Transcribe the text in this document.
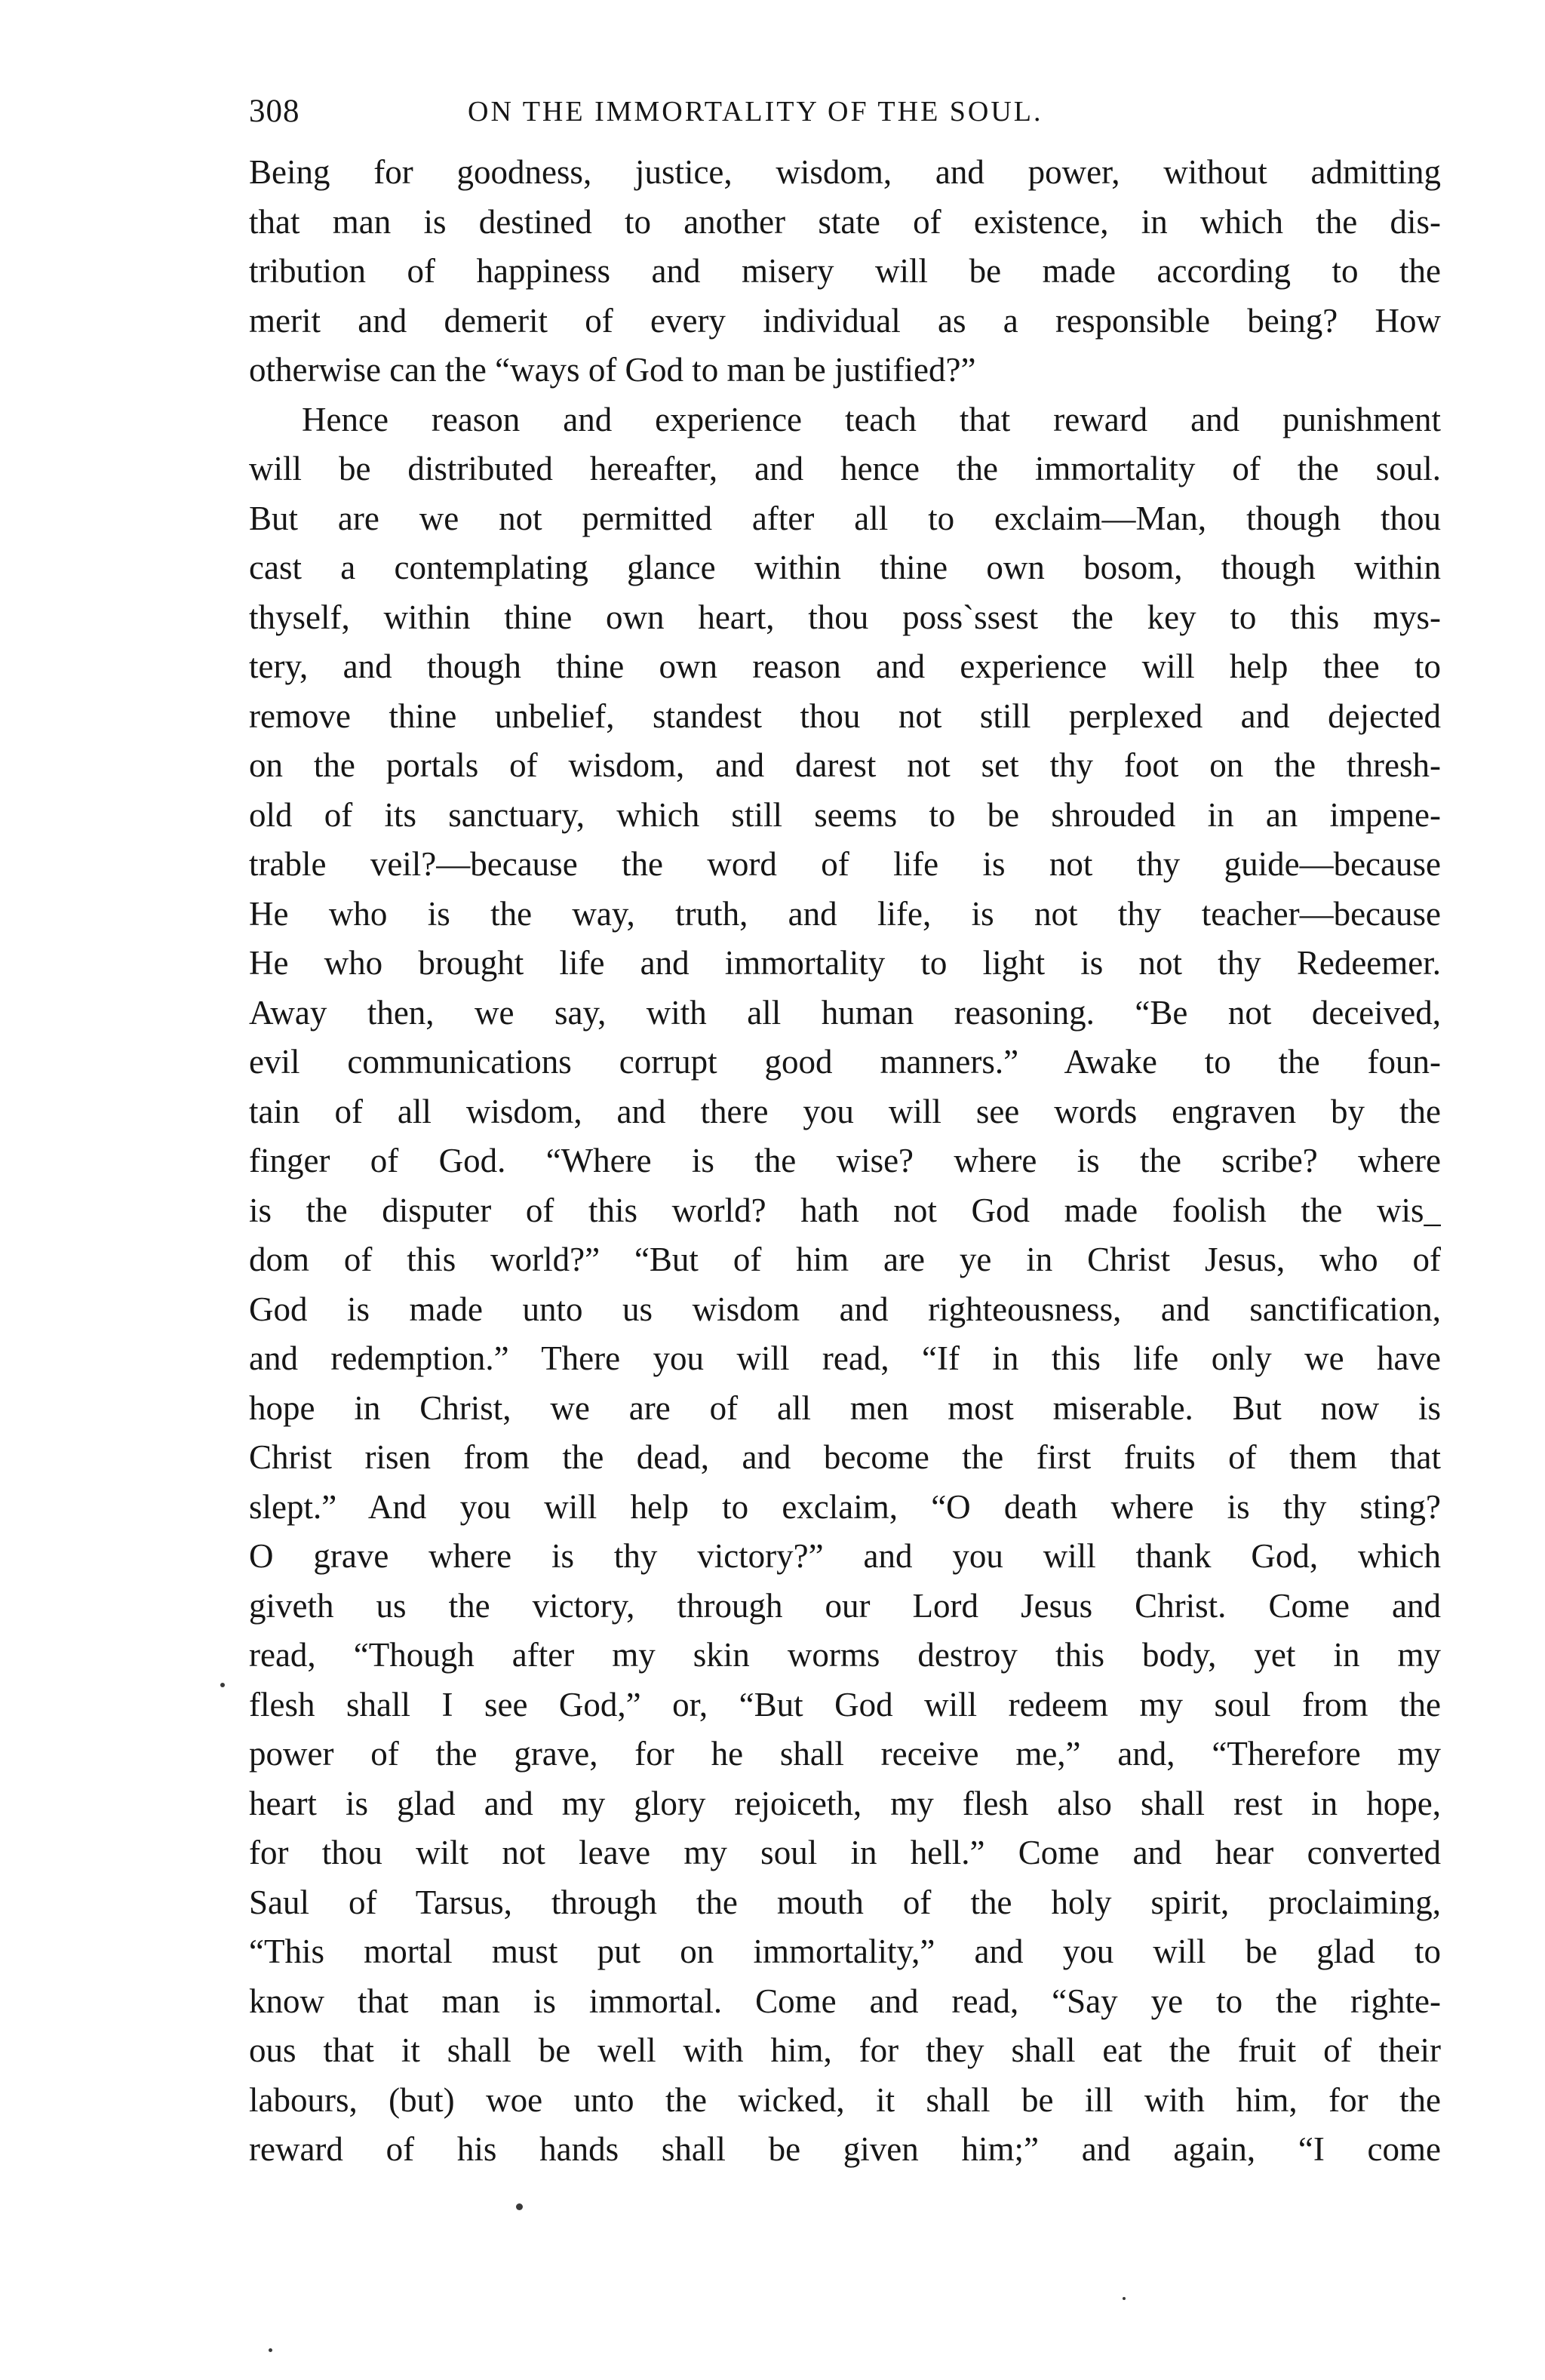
308	ON THE IMMORTALITY OF THE SOUL.
Being for goodness, justice, wisdom, and power, without admitting
that man is destined to another state of existence, in which the dis-
tribution of happiness and misery will be made according to the
merit and demerit of every individual as a responsible being? How
otherwise can the “ways of God to man be justified?”
Hence reason and experience teach that reward and punishment
will be distributed hereafter, and hence the immortality of the soul.
But are we not permitted after all to exclaim—Man, though thou
cast a contemplating glance within thine own bosom, though within
thyself, within thine own heart, thou poss`ssest the key to this mys-
tery, and though thine own reason and experience will help thee to
remove thine unbelief, standest thou not still perplexed and dejected
on the portals of wisdom, and darest not set thy foot on the thresh-
old of its sanctuary, which still seems to be shrouded in an impene-
trable veil?—because the word of life is not thy guide—because
He who is the way, truth, and life, is not thy teacher—because
He who brought life and immortality to light is not thy Redeemer.
Away then, we say, with all human reasoning. “Be not deceived,
evil communications corrupt good manners.” Awake to the foun-
tain of all wisdom, and there you will see words engraven by the
finger of God. “Where is the wise? where is the scribe? where
is the disputer of this world? hath not God made foolish the wis_
dom of this world?” “But of him are ye in Christ Jesus, who of
God is made unto us wisdom and righteousness, and sanctification,
and redemption.” There you will read, “If in this life only we have
hope in Christ, we are of all men most miserable. But now is
Christ risen from the dead, and become the first fruits of them that
slept.” And you will help to exclaim, “O death where is thy sting?
O grave where is thy victory?” and you will thank God, which
giveth us the victory, through our Lord Jesus Christ. Come and
read, “Though after my skin worms destroy this body, yet in my
flesh shall I see God,” or, “But God will redeem my soul from the
power of the grave, for he shall receive me,” and, “Therefore my
heart is glad and my glory rejoiceth, my flesh also shall rest in hope,
for thou wilt not leave my soul in hell.” Come and hear converted
Saul of Tarsus, through the mouth of the holy spirit, proclaiming,
“This mortal must put on immortality,” and you will be glad to
know that man is immortal. Come and read, “Say ye to the righte-
ous that it shall be well with him, for they shall eat the fruit of their
labours, (but) woe unto the wicked, it shall be ill with him, for the
reward of his hands shall be given him;” and again, “I come
